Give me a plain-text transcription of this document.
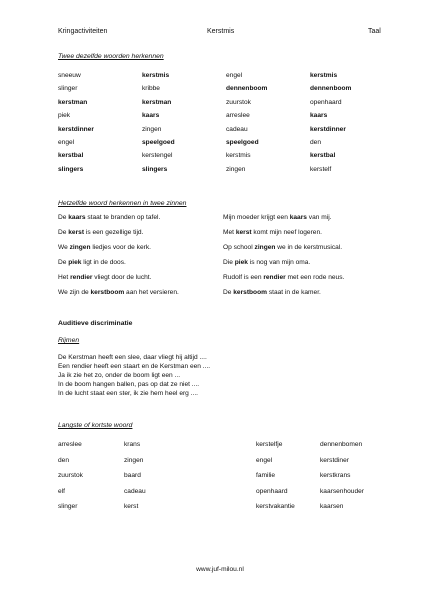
Kringactiviteiten	Kerstmis	Taal
Twee dezelfde woorden herkennen
sneeuw	kerstmis	engel	kerstmis
slinger	kribbe	dennenboom	dennenboom
kerstman	kerstman	zuurstok	openhaard
piek	kaars	arreslee	kaars
kerstdinner	zingen	cadeau	kerstdinner
engel	speelgoed	speelgoed	den
kerstbal	kerstengel	kerstmis	kerstbal
slingers	slingers	zingen	kerstelf
Hetzelfde woord herkennen in twee zinnen
De kaars staat te branden op tafel.	Mijn moeder krijgt een kaars van mij.
De kerst is een gezellige tijd.	Met kerst komt mijn neef logeren.
We zingen liedjes voor de kerk.	Op school zingen we in de kerstmusical.
De piek ligt in de doos.	Die piek is nog van mijn oma.
Het rendier vliegt door de lucht.	Rudolf is een rendier met een rode neus.
We zijn de kerstboom aan het versieren.	De kerstboom staat in de kamer.
Auditieve discriminatie
Rijmen
De Kerstman heeft een slee, daar vliegt hij altijd ....
Een rendier heeft een staart en de Kerstman een ....
Ja ik zie het zo, onder de boom ligt een ...
In de boom hangen ballen, pas op dat ze niet ....
In de lucht staat een ster, ik zie hem heel erg ....
Langste of kortste woord
arreslee	krans	kerstelfje	dennenbomen
den	zingen	engel	kerstdiner
zuurstok	baard	familie	kerstkrans
elf	cadeau	openhaard	kaarsenhouder
slinger	kerst	kerstvakantie	kaarsen
www.juf-milou.nl
